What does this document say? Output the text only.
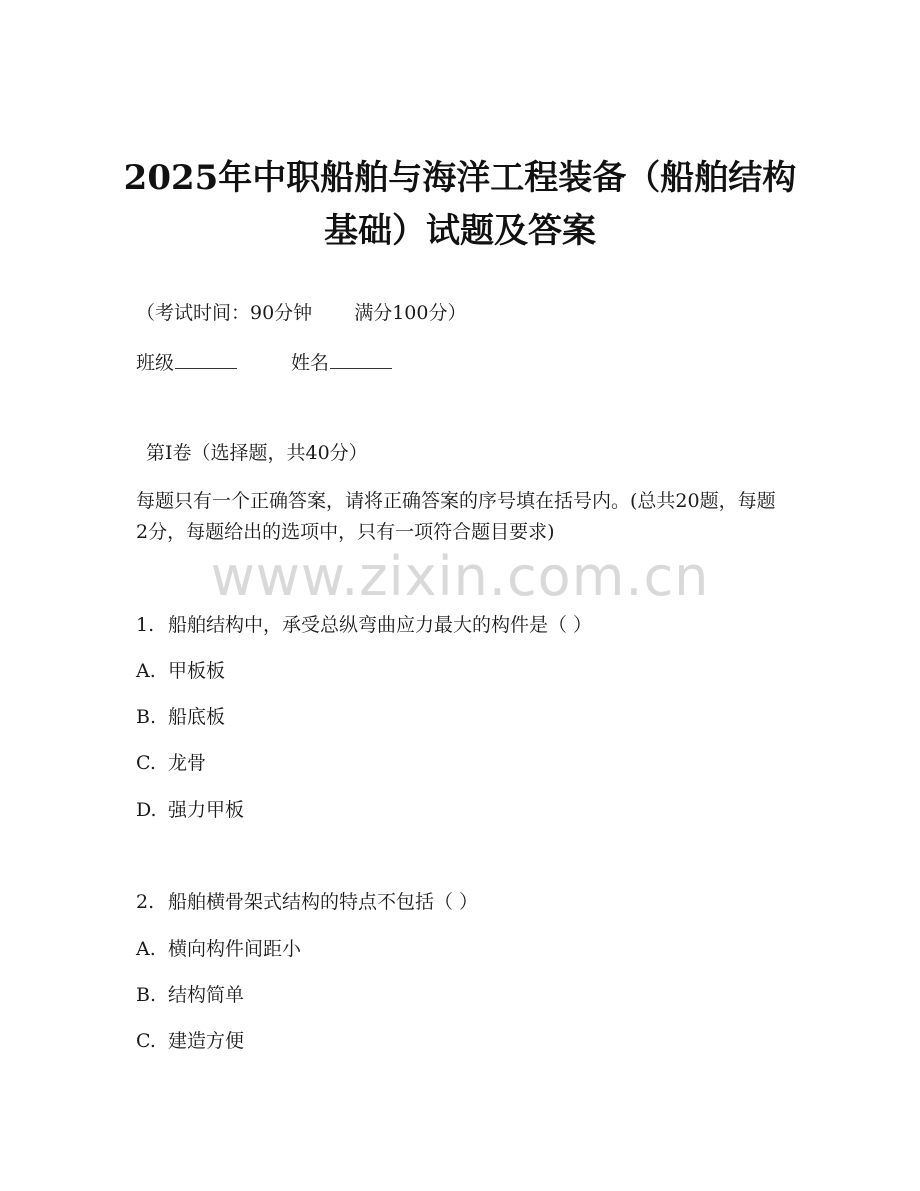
2025年中职船舶与海洋工程装备（船舶结构
基础）试题及答案
（考试时间：90分钟 满分100分）
班级	姓名
第Ⅰ卷（选择题，共40分）
每题只有一个正确答案，请将正确答案的序号填在括号内。(总共20题，每题2分，每题给出的选项中，只有一项符合题目要求)
www.zixin.com.cn
1. 船舶结构中，承受总纵弯曲应力最大的构件是（ ）
A. 甲板板
B. 船底板
C. 龙骨
D. 强力甲板
2. 船舶横骨架式结构的特点不包括（ ）
A. 横向构件间距小
B. 结构简单
C. 建造方便
